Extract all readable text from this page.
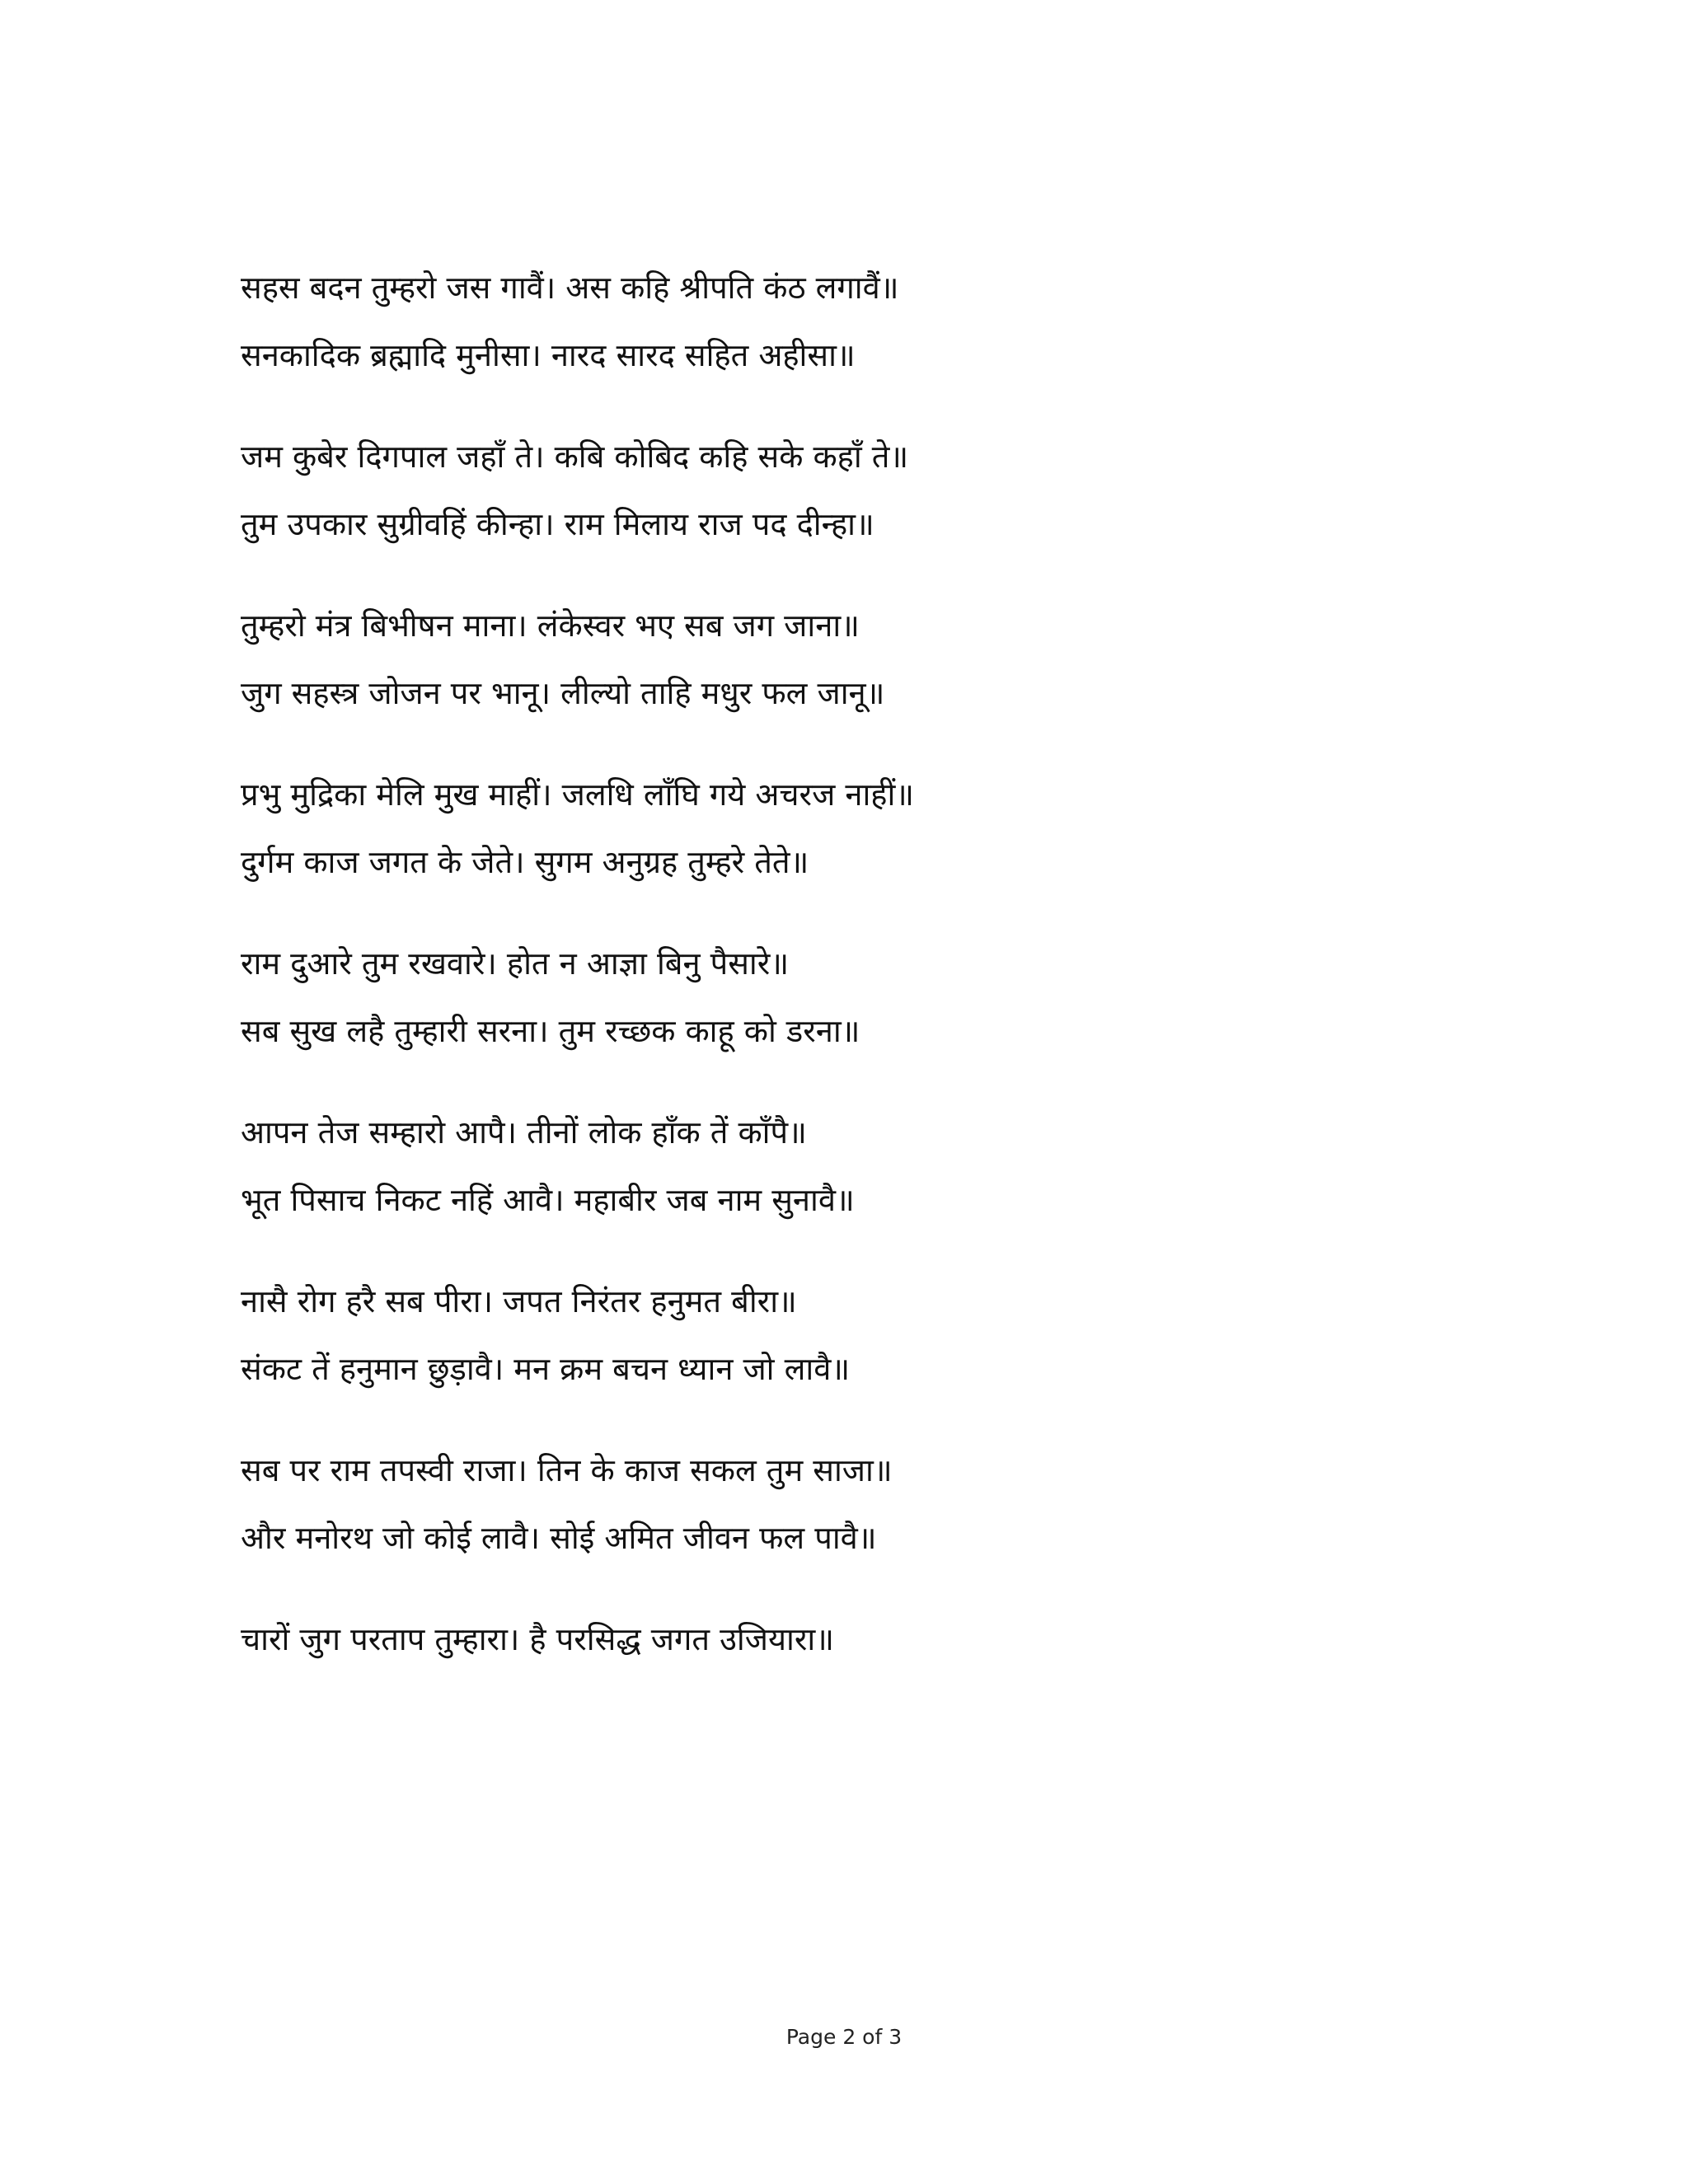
सहस बदन तुम्हरो जस गावैं। अस कहि श्रीपति कंठ लगावैं॥
सनकादिक ब्रह्मादि मुनीसा। नारद सारद सहित अहीसा॥
जम कुबेर दिगपाल जहाँ ते। कबि कोबिद कहि सके कहाँ ते॥
तुम उपकार सुग्रीवहिं कीन्हा। राम मिलाय राज पद दीन्हा॥
तुम्हरो मंत्र बिभीषन माना। लंकेस्वर भए सब जग जाना॥
जुग सहस्त्र जोजन पर भानू। लील्यो ताहि मधुर फल जानू॥
प्रभु मुद्रिका मेलि मुख माहीं। जलधि लाँघि गये अचरज नाहीं॥
दुर्गम काज जगत के जेते। सुगम अनुग्रह तुम्हरे तेते॥
राम दुआरे तुम रखवारे। होत न आज्ञा बिनु पैसारे॥
सब सुख लहै तुम्हारी सरना। तुम रच्छक काहू को डरना॥
आपन तेज सम्हारो आपै। तीनों लोक हाँक तें काँपै॥
भूत पिसाच निकट नहिं आवै। महाबीर जब नाम सुनावै॥
नासै रोग हरै सब पीरा। जपत निरंतर हनुमत बीरा॥
संकट तें हनुमान छुड़ावै। मन क्रम बचन ध्यान जो लावै॥
सब पर राम तपस्वी राजा। तिन के काज सकल तुम साजा॥
और मनोरथ जो कोई लावै। सोई अमित जीवन फल पावै॥
चारों जुग परताप तुम्हारा। है परसिद्ध जगत उजियारा॥
Page 2 of 3
